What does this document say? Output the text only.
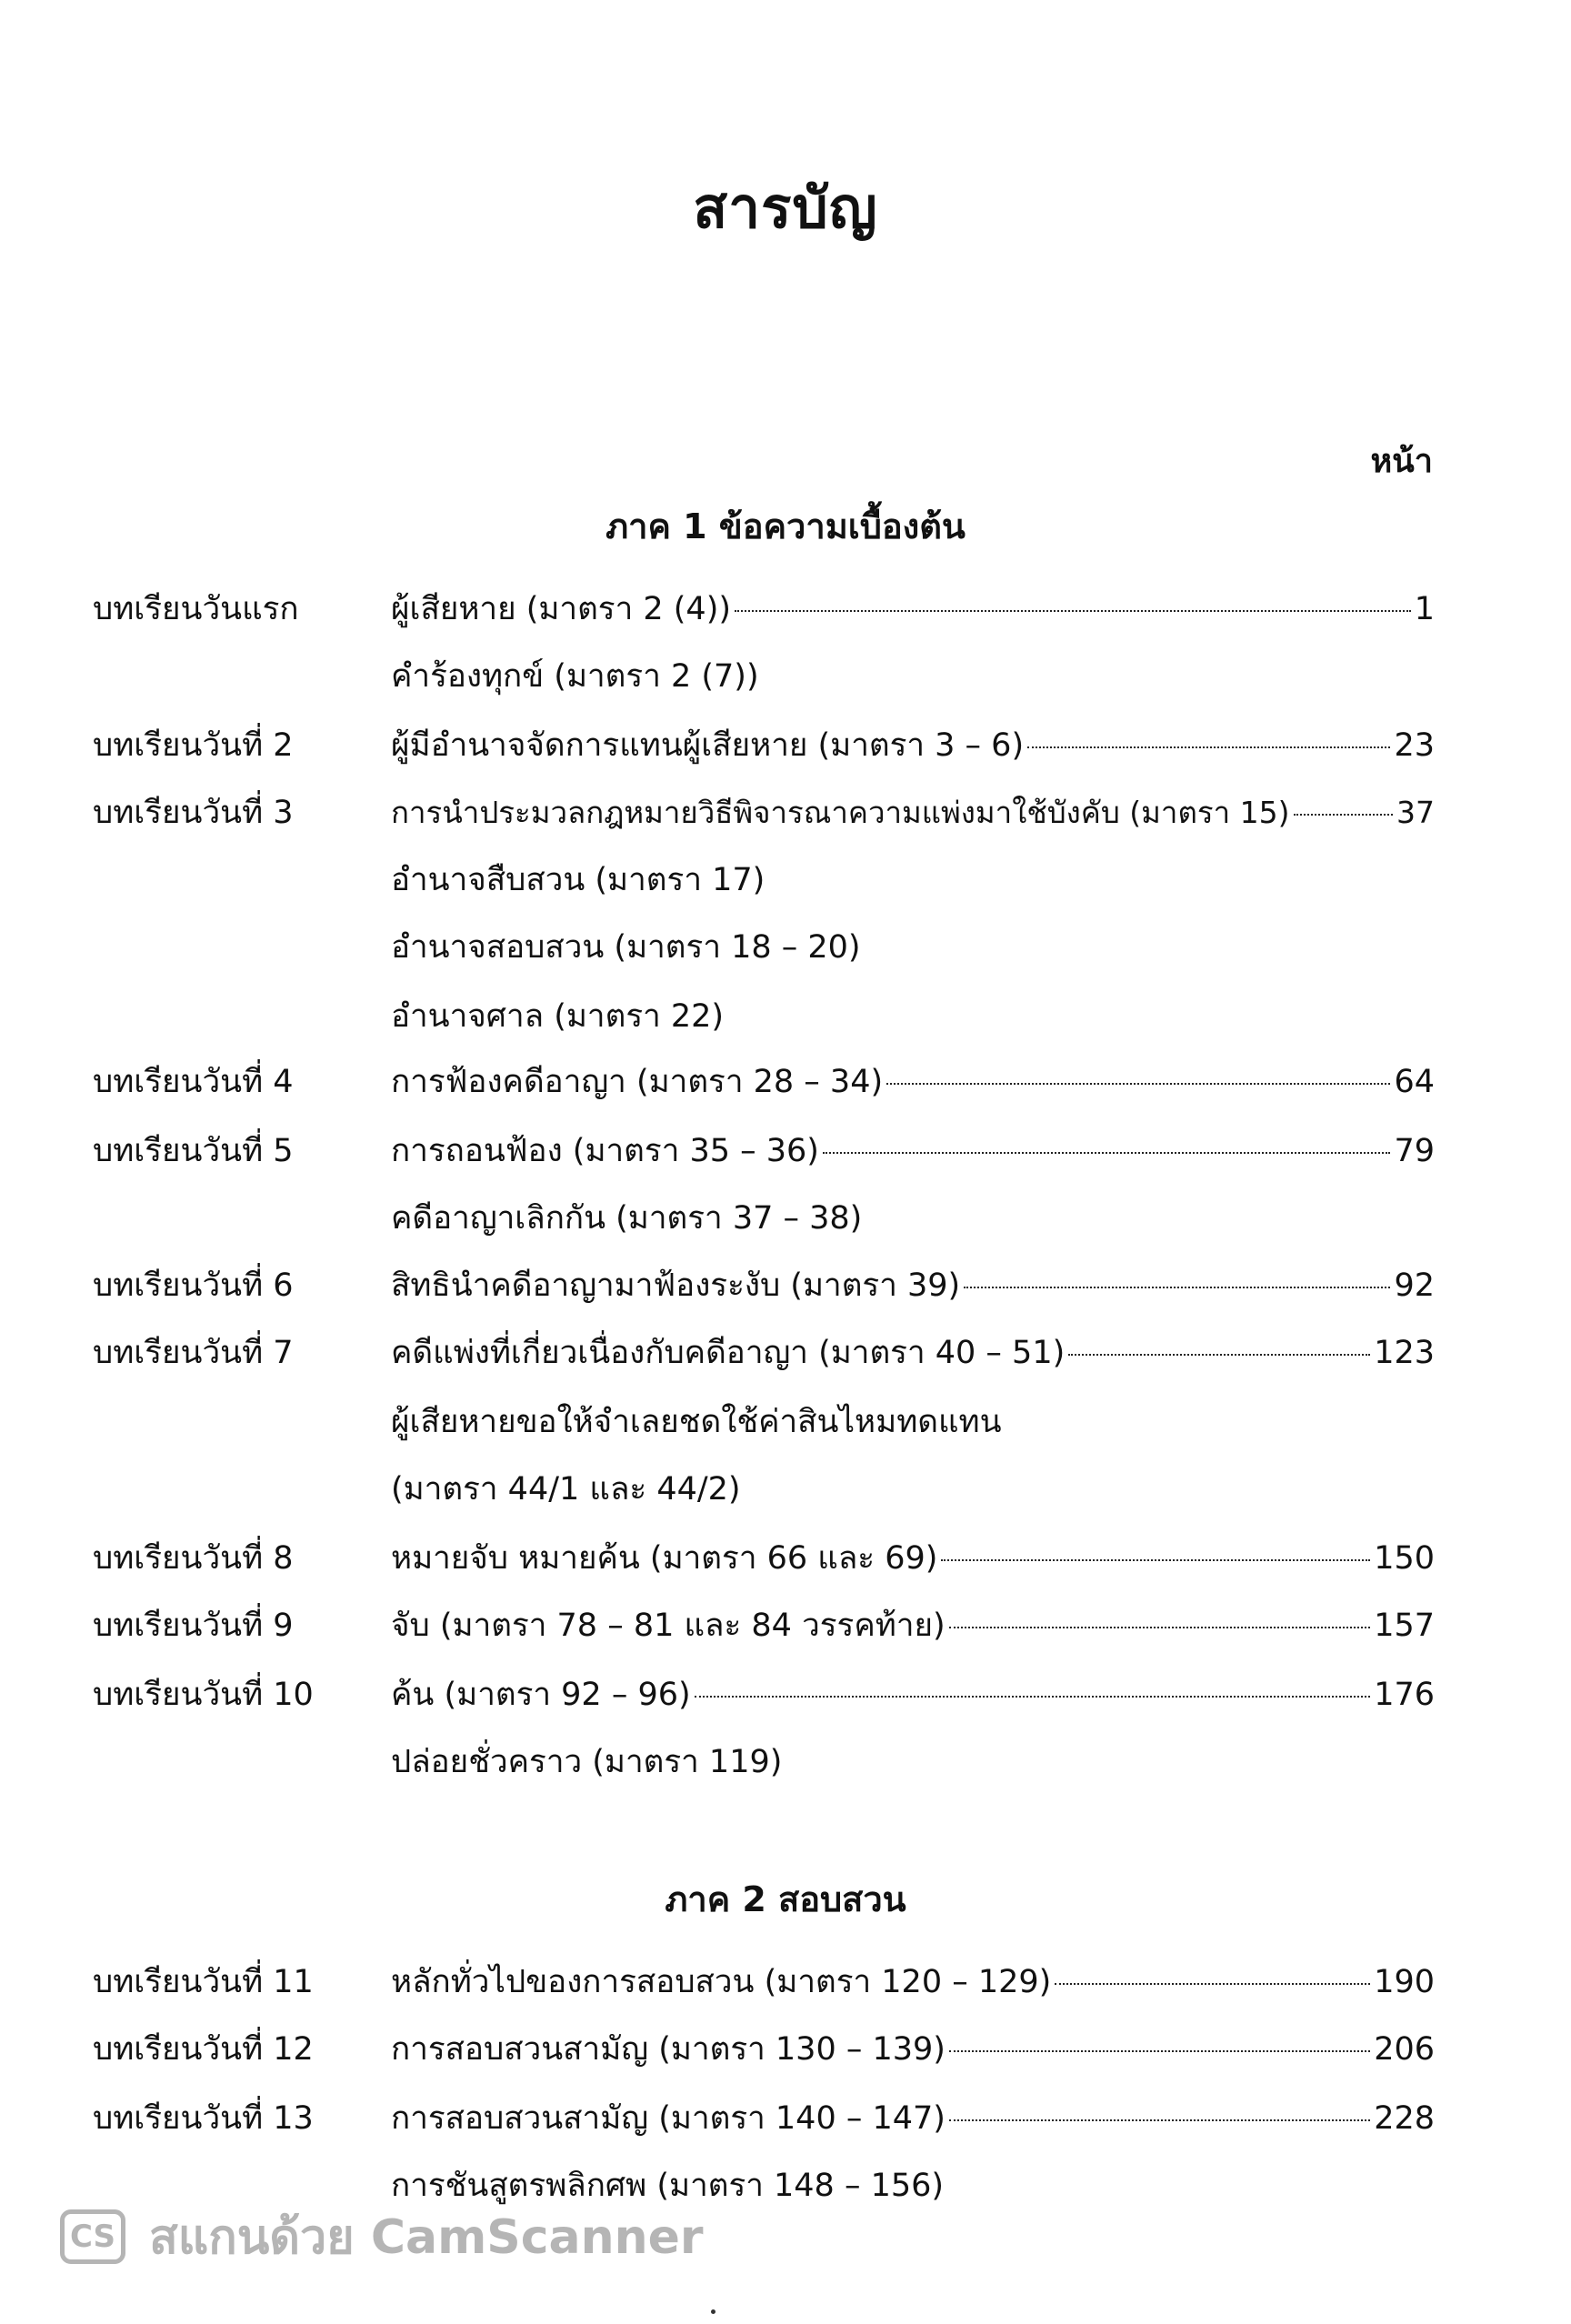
สารบัญ
หน้า
ภาค 1 ข้อความเบื้องต้น
บทเรียนวันแรก	ผู้เสียหาย (มาตรา 2 (4))	1
คำร้องทุกข์ (มาตรา 2 (7))
บทเรียนวันที่ 2	ผู้มีอำนาจจัดการแทนผู้เสียหาย (มาตรา 3 – 6)	23
บทเรียนวันที่ 3	การนำประมวลกฎหมายวิธีพิจารณาความแพ่งมาใช้บังคับ (มาตรา 15)	37
อำนาจสืบสวน (มาตรา 17)
อำนาจสอบสวน (มาตรา 18 – 20)
อำนาจศาล (มาตรา 22)
บทเรียนวันที่ 4	การฟ้องคดีอาญา (มาตรา 28 – 34)	64
บทเรียนวันที่ 5	การถอนฟ้อง (มาตรา 35 – 36)	79
คดีอาญาเลิกกัน (มาตรา 37 – 38)
บทเรียนวันที่ 6	สิทธินำคดีอาญามาฟ้องระงับ (มาตรา 39)	92
บทเรียนวันที่ 7	คดีแพ่งที่เกี่ยวเนื่องกับคดีอาญา (มาตรา 40 – 51)	123
ผู้เสียหายขอให้จำเลยชดใช้ค่าสินไหมทดแทน
(มาตรา 44/1 และ 44/2)
บทเรียนวันที่ 8	หมายจับ หมายค้น (มาตรา 66 และ 69)	150
บทเรียนวันที่ 9	จับ (มาตรา 78 – 81 และ 84 วรรคท้าย)	157
บทเรียนวันที่ 10 ค้น (มาตรา 92 – 96)	176
ปล่อยชั่วคราว (มาตรา 119)
ภาค 2 สอบสวน
บทเรียนวันที่ 11 หลักทั่วไปของการสอบสวน (มาตรา 120 – 129)	190
บทเรียนวันที่ 12 การสอบสวนสามัญ (มาตรา 130 – 139)	206
บทเรียนวันที่ 13 การสอบสวนสามัญ (มาตรา 140 – 147)	228
การชันสูตรพลิกศพ (มาตรา 148 – 156)
CS สแกนด้วย CamScanner
